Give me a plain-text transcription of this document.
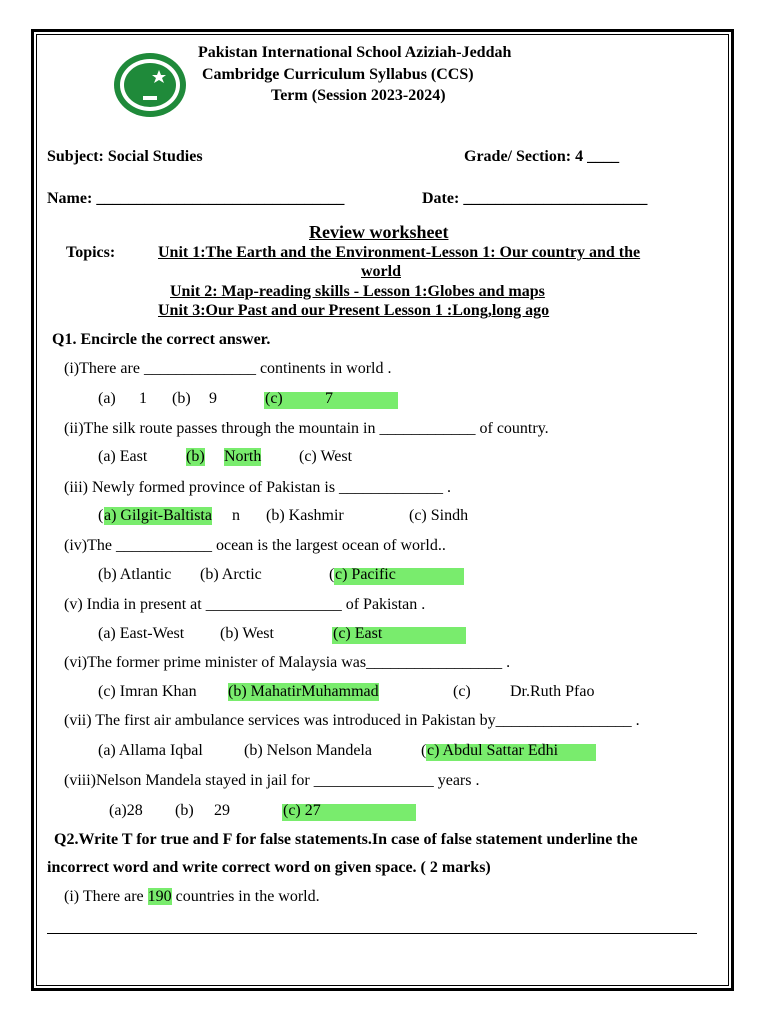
Pakistan International School Aziziah-Jeddah
Cambridge Curriculum Syllabus (CCS)
Term (Session 2023-2024)
Subject: Social Studies	Grade/ Section: 4 ____
Name: _______________________________	Date: _______________________
Review worksheet
Topics:	Unit 1:The Earth and the Environment-Lesson 1: Our country and the
world
Unit 2: Map-reading skills - Lesson 1:Globes and maps
Unit 3:Our Past and our Present Lesson 1 :Long,long ago
Q1. Encircle the correct answer.
(i)There are ______________ continents in world .
(a) 1 (b) 9	(c)	7
(ii)The silk route passes through the mountain in ____________ of country.
(a) East (b) North (c) West
(iii) Newly formed province of Pakistan is _____________ .
( a) Gilgit-Baltista n (b) Kashmir	(c) Sindh
(iv)The ____________ ocean is the largest ocean of world..
(b) Atlantic (b) Arctic	( c) Pacific
(v) India in present at _________________ of Pakistan .
(a) East-West (b) West	(c) East
(vi)The former prime minister of Malaysia was_________________ .
(c) Imran Khan (b) MahatirMuhammad	(c) Dr.Ruth Pfao
(vii) The first air ambulance services was introduced in Pakistan by_________________ .
(a) Allama Iqbal	(b) Nelson Mandela	( c) Abdul Sattar Edhi
(viii)Nelson Mandela stayed in jail for _______________ years .
(a)28 (b) 29	(c) 27
Q2.Write T for true and F for false statements.In case of false statement underline the
incorrect word and write correct word on given space. ( 2 marks)
(i) There are 190 countries in the world.
